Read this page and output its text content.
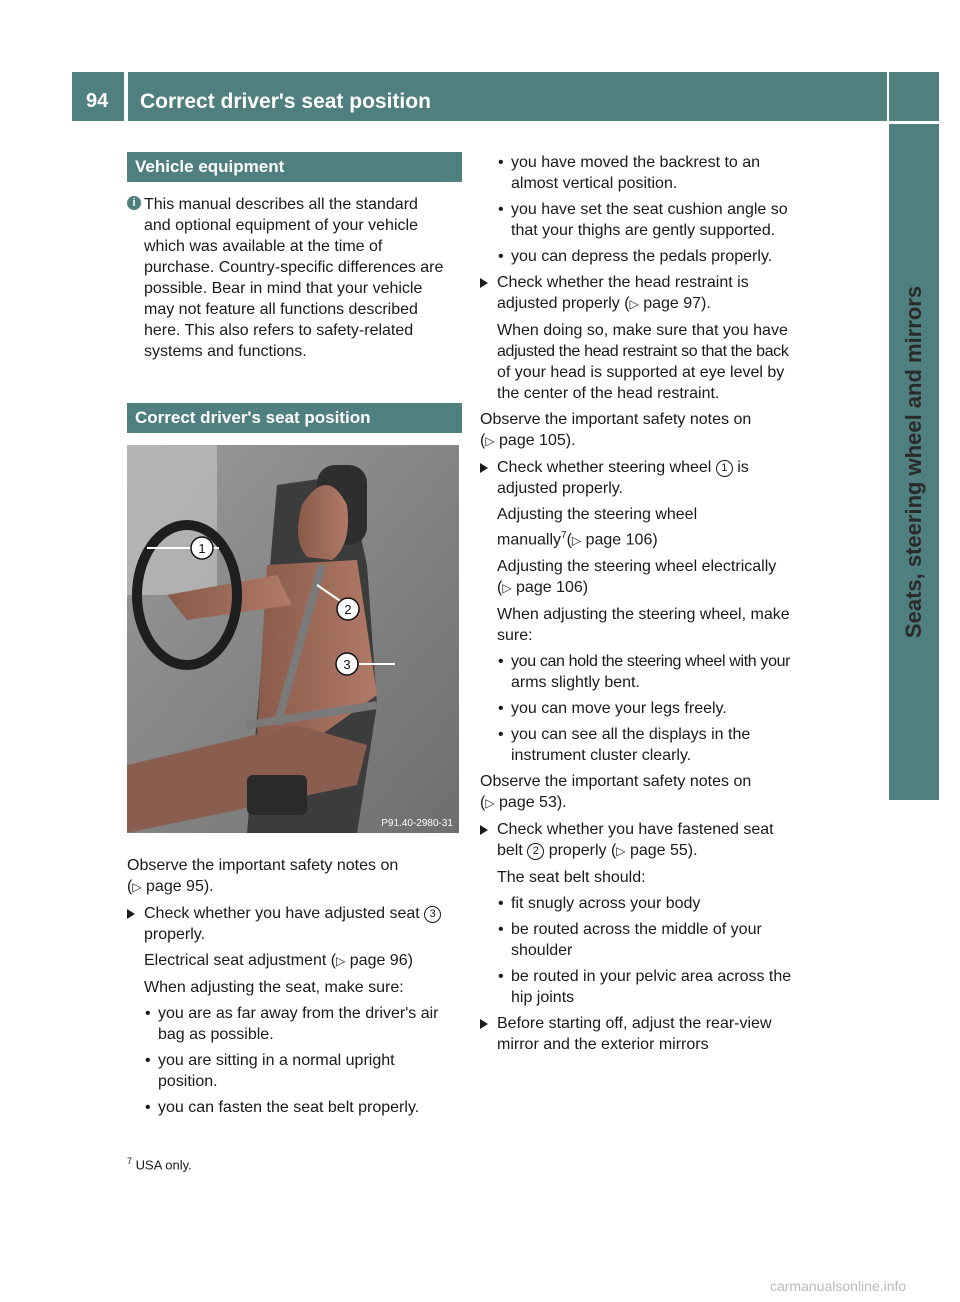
94 Correct driver's seat position
Seats, steering wheel and mirrors
Vehicle equipment
i This manual describes all the standard

and optional equipment of your vehicle

which was available at the time of

purchase. Country-specific differences are

possible. Bear in mind that your vehicle

may not feature all functions described

here. This also refers to safety-related

systems and functions.

Correct driver's seat position
1
2
3
P91.40-2980-31

Observe the important safety notes on

(▷ page 95).

Check whether you have adjusted seat 3

properly.

Electrical seat adjustment (▷ page 96)

When adjusting the seat, make sure:

• you are as far away from the driver's air

bag as possible.

• you are sitting in a normal upright

position.

• you can fasten the seat belt properly.

• you have moved the backrest to an

almost vertical position.

• you have set the seat cushion angle so

that your thighs are gently supported.

• you can depress the pedals properly.

Check whether the head restraint is

adjusted properly (▷ page 97).

When doing so, make sure that you have

adjusted the head restraint so that the back

of your head is supported at eye level by

the center of the head restraint.

Observe the important safety notes on

(▷ page 105).

Check whether steering wheel 1 is

adjusted properly.

Adjusting the steering wheel

manually$^7$(▷ page 106)

Adjusting the steering wheel electrically

(▷ page 106)

When adjusting the steering wheel, make

sure:

• you can hold the steering wheel with your

arms slightly bent.

• you can move your legs freely.

• you can see all the displays in the

instrument cluster clearly.

Observe the important safety notes on

(▷ page 53).

Check whether you have fastened seat

belt 2 properly (▷ page 55).

The seat belt should:

• fit snugly across your body

• be routed across the middle of your

shoulder

• be routed in your pelvic area across the

hip joints

Before starting off, adjust the rear-view

mirror and the exterior mirrors

$^7$ USA only.
carmanualsonline.info
